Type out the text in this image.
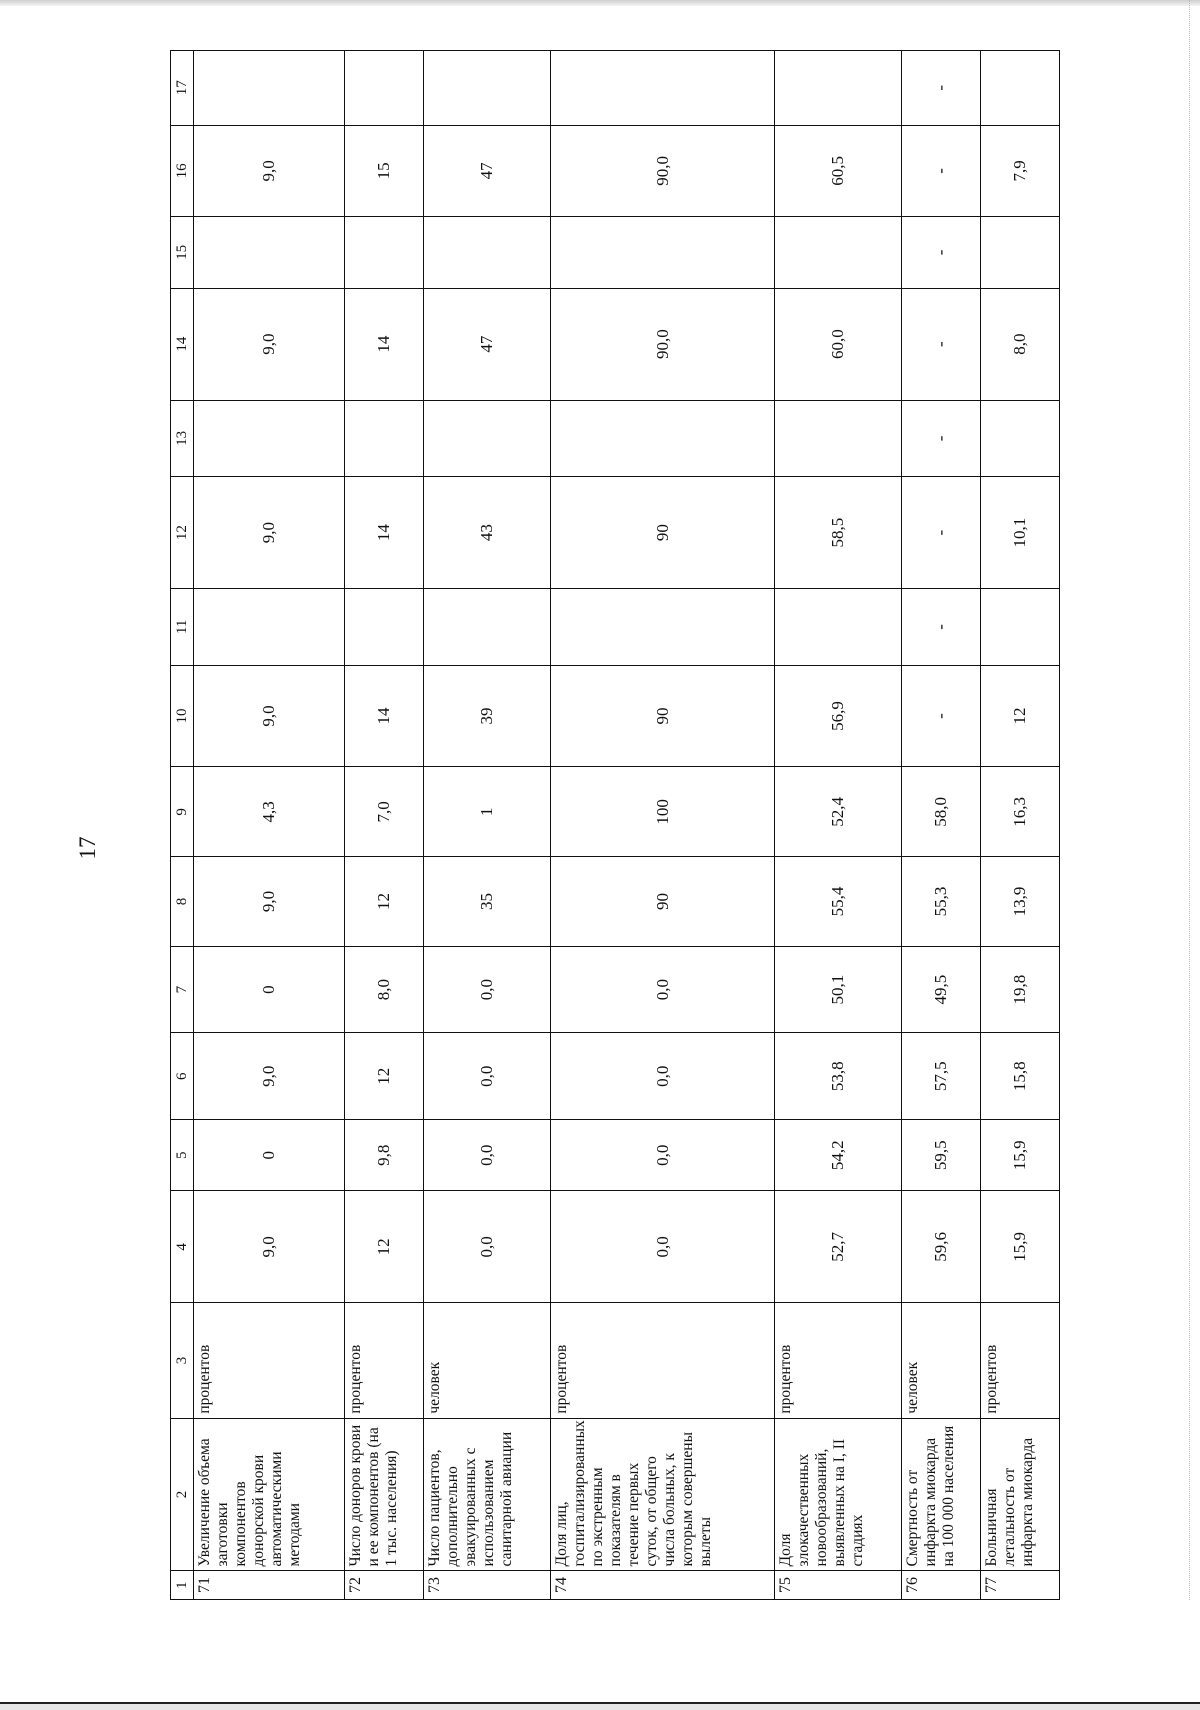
17
1	2	3	4	5	6	7	8	9	10	11	12	13	14	15	16	17
71	Увеличение объема заготовки компонентов донорской крови автоматическими методами	процентов	9,0	0	9,0	0	9,0	4,3	9,0		9,0		9,0		9,0	
72	Число доноров крови и ее компонентов (на 1 тыс. населения)	процентов	12	9,8	12	8,0	12	7,0	14		14		14		15	
73	Число пациентов, дополнительно эвакуированных с использованием санитарной авиации	человек	0,0	0,0	0,0	0,0	35	1	39		43		47		47	
74	Доля лиц, госпитализированных по экстренным показателям в течение первых суток, от общего числа больных, к которым совершены вылеты	процентов	0,0	0,0	0,0	0,0	90	100	90		90		90,0		90,0	
75	Доля злокачественных новообразований, выявленных на I, II стадиях	процентов	52,7	54,2	53,8	50,1	55,4	52,4	56,9		58,5		60,0		60,5	
76	Смертность от инфаркта миокарда на 100 000 населения	человек	59,6	59,5	57,5	49,5	55,3	58,0	-	-	-	-	-	-	-	-
77	Больничная летальность от инфаркта миокарда	процентов	15,9	15,9	15,8	19,8	13,9	16,3	12		10,1		8,0		7,9	
